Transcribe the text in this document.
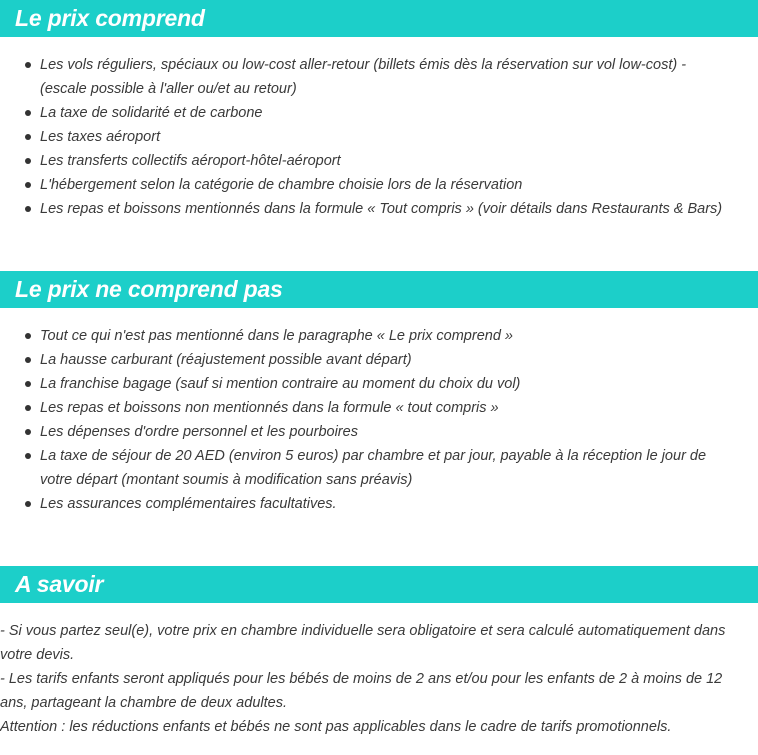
Le prix comprend
Les vols réguliers, spéciaux ou low-cost aller-retour (billets émis dès la réservation sur vol low-cost) - (escale possible à l'aller ou/et au retour)
La taxe de solidarité et de carbone
Les taxes aéroport
Les transferts collectifs aéroport-hôtel-aéroport
L'hébergement selon la catégorie de chambre choisie lors de la réservation
Les repas et boissons mentionnés dans la formule « Tout compris » (voir détails dans Restaurants & Bars)
Le prix ne comprend pas
Tout ce qui n'est pas mentionné dans le paragraphe « Le prix comprend »
La hausse carburant (réajustement possible avant départ)
La franchise bagage (sauf si mention contraire au moment du choix du vol)
Les repas et boissons non mentionnés dans la formule « tout compris »
Les dépenses d'ordre personnel et les pourboires
La taxe de séjour de 20 AED (environ 5 euros) par chambre et par jour, payable à la réception le jour de votre départ (montant soumis à modification sans préavis)
Les assurances complémentaires facultatives.
A savoir

- Si vous partez seul(e), votre prix en chambre individuelle sera obligatoire et sera calculé automatiquement dans votre devis.

- Les tarifs enfants seront appliqués pour les bébés de moins de 2 ans et/ou pour les enfants de 2 à moins de 12 ans, partageant la chambre de deux adultes.

Attention : les réductions enfants et bébés ne sont pas applicables dans le cadre de tarifs promotionnels.
